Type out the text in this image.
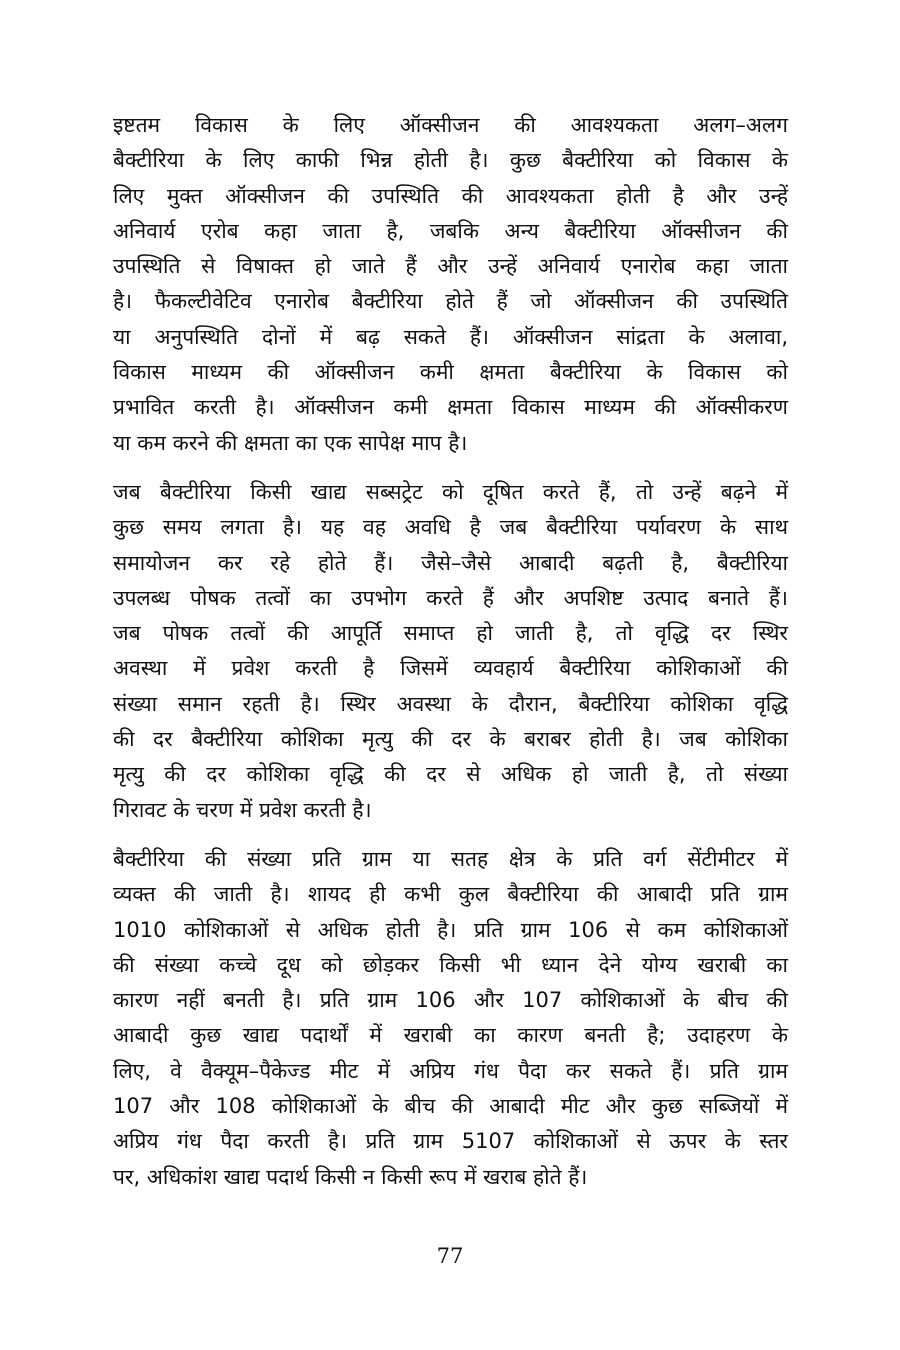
इष्टतम विकास के लिए ऑक्सीजन की आवश्यकता अलग–अलग
बैक्टीरिया के लिए काफी भिन्न होती है। कुछ बैक्टीरिया को विकास के
लिए मुक्त ऑक्सीजन की उपस्थिति की आवश्यकता होती है और उन्हें
अनिवार्य एरोब कहा जाता है, जबकि अन्य बैक्टीरिया ऑक्सीजन की
उपस्थिति से विषाक्त हो जाते हैं और उन्हें अनिवार्य एनारोब कहा जाता
है। फैकल्टीवेटिव एनारोब बैक्टीरिया होते हैं जो ऑक्सीजन की उपस्थिति
या अनुपस्थिति दोनों में बढ़ सकते हैं। ऑक्सीजन सांद्रता के अलावा,
विकास माध्यम की ऑक्सीजन कमी क्षमता बैक्टीरिया के विकास को
प्रभावित करती है। ऑक्सीजन कमी क्षमता विकास माध्यम की ऑक्सीकरण
या कम करने की क्षमता का एक सापेक्ष माप है।

जब बैक्टीरिया किसी खाद्य सब्सट्रेट को दूषित करते हैं, तो उन्हें बढ़ने में
कुछ समय लगता है। यह वह अवधि है जब बैक्टीरिया पर्यावरण के साथ
समायोजन कर रहे होते हैं। जैसे–जैसे आबादी बढ़ती है, बैक्टीरिया
उपलब्ध पोषक तत्वों का उपभोग करते हैं और अपशिष्ट उत्पाद बनाते हैं।
जब पोषक तत्वों की आपूर्ति समाप्त हो जाती है, तो वृद्धि दर स्थिर
अवस्था में प्रवेश करती है जिसमें व्यवहार्य बैक्टीरिया कोशिकाओं की
संख्या समान रहती है। स्थिर अवस्था के दौरान, बैक्टीरिया कोशिका वृद्धि
की दर बैक्टीरिया कोशिका मृत्यु की दर के बराबर होती है। जब कोशिका
मृत्यु की दर कोशिका वृद्धि की दर से अधिक हो जाती है, तो संख्या
गिरावट के चरण में प्रवेश करती है।

बैक्टीरिया की संख्या प्रति ग्राम या सतह क्षेत्र के प्रति वर्ग सेंटीमीटर में
व्यक्त की जाती है। शायद ही कभी कुल बैक्टीरिया की आबादी प्रति ग्राम
1010 कोशिकाओं से अधिक होती है। प्रति ग्राम 106 से कम कोशिकाओं
की संख्या कच्चे दूध को छोड़कर किसी भी ध्यान देने योग्य खराबी का
कारण नहीं बनती है। प्रति ग्राम 106 और 107 कोशिकाओं के बीच की
आबादी कुछ खाद्य पदार्थों में खराबी का कारण बनती है; उदाहरण के
लिए, वे वैक्यूम–पैकेज्ड मीट में अप्रिय गंध पैदा कर सकते हैं। प्रति ग्राम
107 और 108 कोशिकाओं के बीच की आबादी मीट और कुछ सब्जियों में
अप्रिय गंध पैदा करती है। प्रति ग्राम 5107 कोशिकाओं से ऊपर के स्तर
पर, अधिकांश खाद्य पदार्थ किसी न किसी रूप में खराब होते हैं।

77
